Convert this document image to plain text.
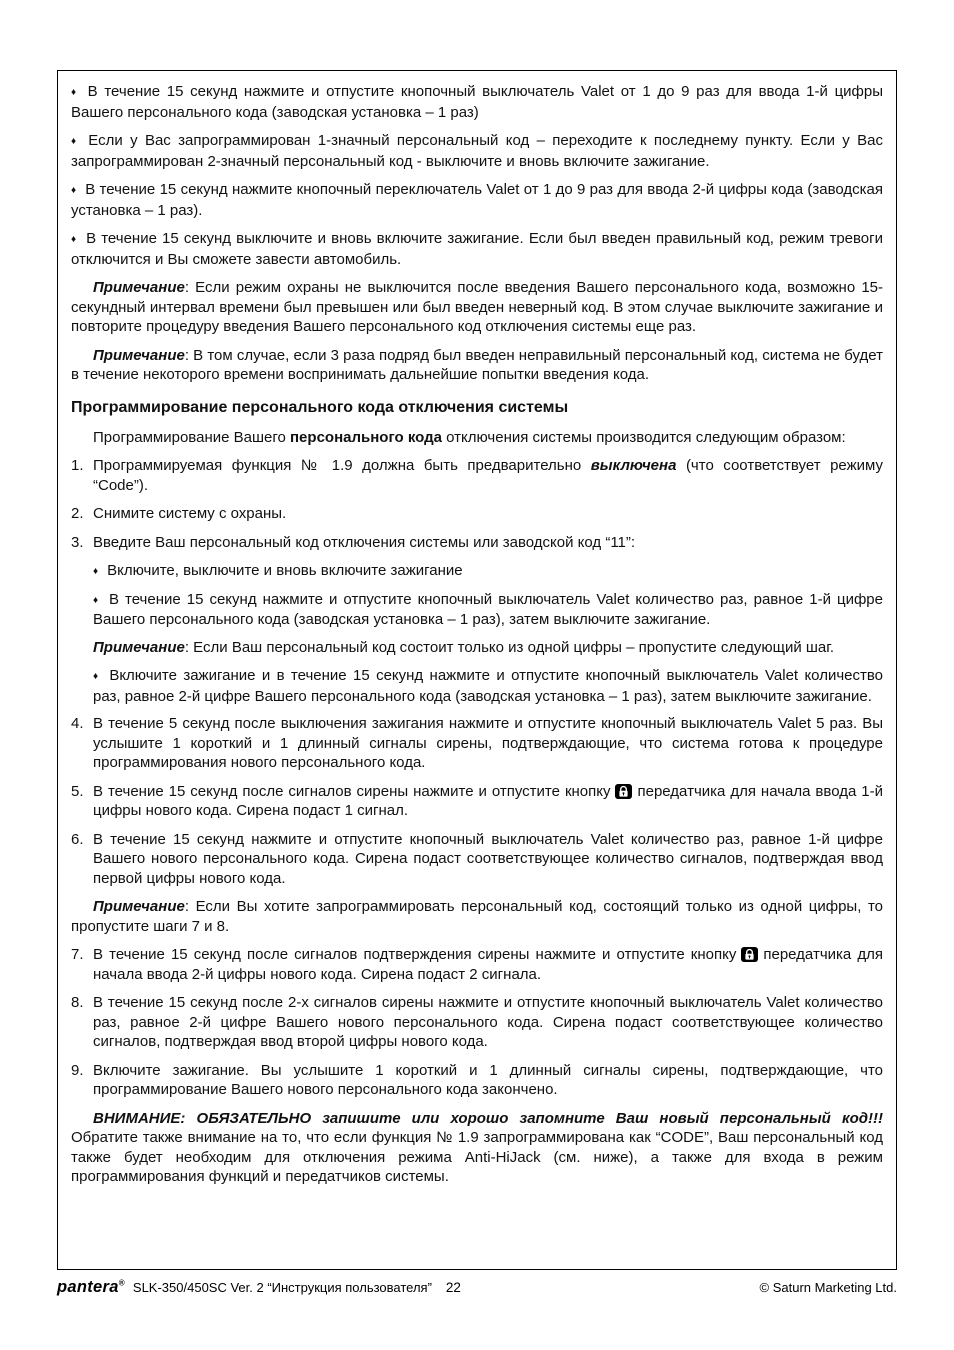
♦ В течение 15 секунд нажмите и отпустите кнопочный выключатель Valet от 1 до 9 раз для ввода 1-й цифры Вашего персонального кода (заводская установка – 1 раз)

♦ Если у Вас запрограммирован 1-значный персональный код – переходите к последнему пункту. Если у Вас запрограммирован 2-значный персональный код - выключите и вновь включите зажигание.

♦ В течение 15 секунд нажмите кнопочный переключатель Valet от 1 до 9 раз для ввода 2-й цифры кода (заводская установка – 1 раз).

♦ В течение 15 секунд выключите и вновь включите зажигание. Если был введен правильный код, режим тревоги отключится и Вы сможете завести автомобиль.

Примечание: Если режим охраны не выключится после введения Вашего персонального кода, возможно 15-секундный интервал времени был превышен или был введен неверный код. В этом случае выключите зажигание и повторите процедуру введения Вашего персонального код отключения системы еще раз.

Примечание: В том случае, если 3 раза подряд был введен неправильный персональный код, система не будет в течение некоторого времени воспринимать дальнейшие попытки введения кода.

Программирование персонального кода отключения системы

Программирование Вашего персонального кода отключения системы производится следующим образом:

1. Программируемая функция № 1.9 должна быть предварительно выключена (что соответствует режиму “Code”).

2. Снимите систему с охраны.

3. Введите Ваш персональный код отключения системы или заводской код “11”:

♦ Включите, выключите и вновь включите зажигание

♦ В течение 15 секунд нажмите и отпустите кнопочный выключатель Valet количество раз, равное 1-й цифре Вашего персонального кода (заводская установка – 1 раз), затем выключите зажигание.

Примечание: Если Ваш персональный код состоит только из одной цифры – пропустите следующий шаг.

♦ Включите зажигание и в течение 15 секунд нажмите и отпустите кнопочный выключатель Valet количество раз, равное 2-й цифре Вашего персонального кода (заводская установка – 1 раз), затем выключите зажигание.

4. В течение 5 секунд после выключения зажигания нажмите и отпустите кнопочный выключатель Valet 5 раз. Вы услышите 1 короткий и 1 длинный сигналы сирены, подтверждающие, что система готова к процедуре программирования нового персонального кода.

5. В течение 15 секунд после сигналов сирены нажмите и отпустите кнопку передатчика для начала ввода 1-й цифры нового кода. Сирена подаст 1 сигнал.

6. В течение 15 секунд нажмите и отпустите кнопочный выключатель Valet количество раз, равное 1-й цифре Вашего нового персонального кода. Сирена подаст соответствующее количество сигналов, подтверждая ввод первой цифры нового кода.

Примечание: Если Вы хотите запрограммировать персональный код, состоящий только из одной цифры, то пропустите шаги 7 и 8.

7. В течение 15 секунд после сигналов подтверждения сирены нажмите и отпустите кнопку передатчика для начала ввода 2-й цифры нового кода. Сирена подаст 2 сигнала.

8. В течение 15 секунд после 2-х сигналов сирены нажмите и отпустите кнопочный выключатель Valet количество раз, равное 2-й цифре Вашего нового персонального кода. Сирена подаст соответствующее количество сигналов, подтверждая ввод второй цифры нового кода.

9. Включите зажигание. Вы услышите 1 короткий и 1 длинный сигналы сирены, подтверждающие, что программирование Вашего нового персонального кода закончено.

ВНИМАНИЕ: ОБЯЗАТЕЛЬНО запишите или хорошо запомните Ваш новый персональный код!!! Обратите также внимание на то, что если функция № 1.9 запрограммирована как “CODE”, Ваш персональный код также будет необходим для отключения режима Anti-HiJack (см. ниже), а также для входа в режим программирования функций и передатчиков системы.

pantera® SLK-350/450SC Ver. 2 “Инструкция пользователя” 22	© Saturn Marketing Ltd.
